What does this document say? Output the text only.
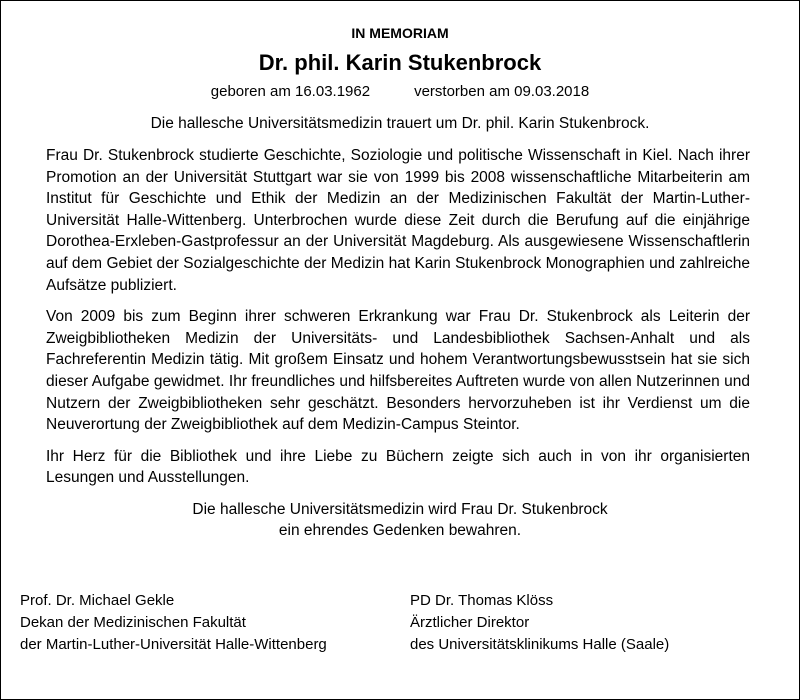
IN MEMORIAM
Dr. phil. Karin Stukenbrock
geboren am 16.03.1962	verstorben am 09.03.2018
Die hallesche Universitätsmedizin trauert um Dr. phil. Karin Stukenbrock.

Frau Dr. Stukenbrock studierte Geschichte, Soziologie und politische Wissenschaft in Kiel. Nach ihrer Promotion an der Universität Stuttgart war sie von 1999 bis 2008 wissenschaftliche Mitarbeiterin am Institut für Geschichte und Ethik der Medizin an der Medizinischen Fakultät der Martin-Luther-Universität Halle-Wittenberg. Unterbrochen wurde diese Zeit durch die Berufung auf die einjährige Dorothea-Erxleben-Gastprofessur an der Universität Magdeburg. Als ausgewiesene Wissenschaftlerin auf dem Gebiet der Sozialgeschichte der Medizin hat Karin Stukenbrock Monographien und zahlreiche Aufsätze publiziert.

Von 2009 bis zum Beginn ihrer schweren Erkrankung war Frau Dr. Stukenbrock als Leiterin der Zweigbibliotheken Medizin der Universitäts- und Landesbibliothek Sachsen-Anhalt und als Fachreferentin Medizin tätig. Mit großem Einsatz und hohem Verantwortungsbewusstsein hat sie sich dieser Aufgabe gewidmet. Ihr freundliches und hilfsbereites Auftreten wurde von allen Nutzerinnen und Nutzern der Zweigbibliotheken sehr geschätzt. Besonders hervorzuheben ist ihr Verdienst um die Neuverortung der Zweigbibliothek auf dem Medizin-Campus Steintor.

Ihr Herz für die Bibliothek und ihre Liebe zu Büchern zeigte sich auch in von ihr organisierten Lesungen und Ausstellungen.

Die hallesche Universitätsmedizin wird Frau Dr. Stukenbrock
ein ehrendes Gedenken bewahren.
Prof. Dr. Michael Gekle
Dekan der Medizinischen Fakultät
der Martin-Luther-Universität Halle-Wittenberg
PD Dr. Thomas Klöss
Ärztlicher Direktor
des Universitätsklinikums Halle (Saale)
